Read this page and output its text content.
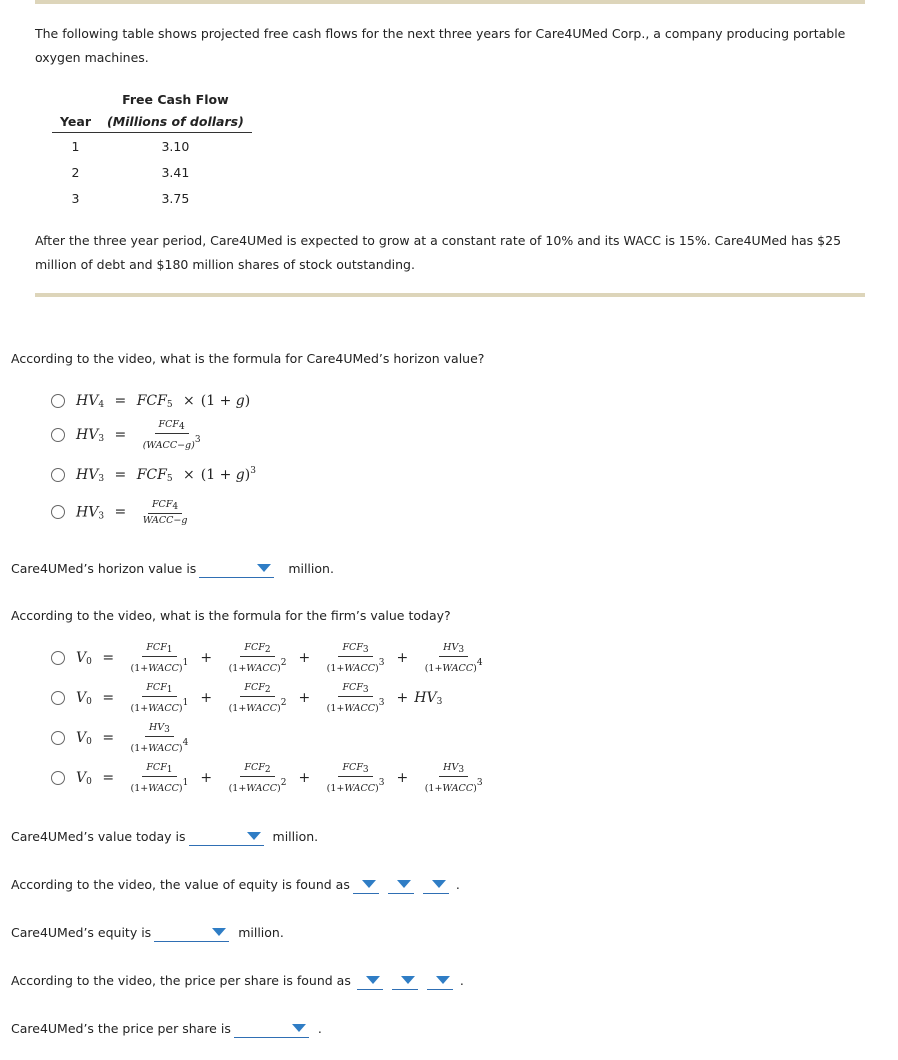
The following table shows projected free cash flows for the next three years for Care4UMed Corp., a company producing portable oxygen machines.
	Free Cash Flow
Year	(Millions of dollars)
1	3.10
2	3.41
3	3.75
After the three year period, Care4UMed is expected to grow at a constant rate of 10% and its WACC is 15%. Care4UMed has $25 million of debt and $180 million shares of stock outstanding.
According to the video, what is the formula for Care4UMed’s horizon value?
$HV_4 = FCF_5 \times (1 + g)$
$HV_3 = \frac{FCF_4}{(WACC-g)^3}$
$HV_3 = FCF_5 \times (1 + g)^3$
$HV_3 = \frac{FCF_4}{\text{WACC−g}}$
Care4UMed’s horizon value is	million.
According to the video, what is the formula for the firm’s value today?
$V_0 = \frac{FCF_1}{(1+WACC)^1} + \frac{FCF_2}{(1+WACC)^2} + \frac{FCF_3}{(1+WACC)^3} + \frac{HV_3}{(1+WACC)^4}$
$V_0 = \frac{FCF_1}{(1+WACC)^1} + \frac{FCF_2}{(1+WACC)^2} + \frac{FCF_3}{(1+WACC)^3} + HV_3$
$V_0 = \frac{HV_3}{(1+WACC)^4}$
$V_0 = \frac{FCF_1}{(1+WACC)^1} + \frac{FCF_2}{(1+WACC)^2} + \frac{FCF_3}{(1+WACC)^3} + \frac{HV_3}{(1+WACC)^3}$
Care4UMed’s value today is	million.
According to the video, the value of equity is found as	.
Care4UMed’s equity is	million.
According to the video, the price per share is found as	.
Care4UMed’s the price per share is	.
